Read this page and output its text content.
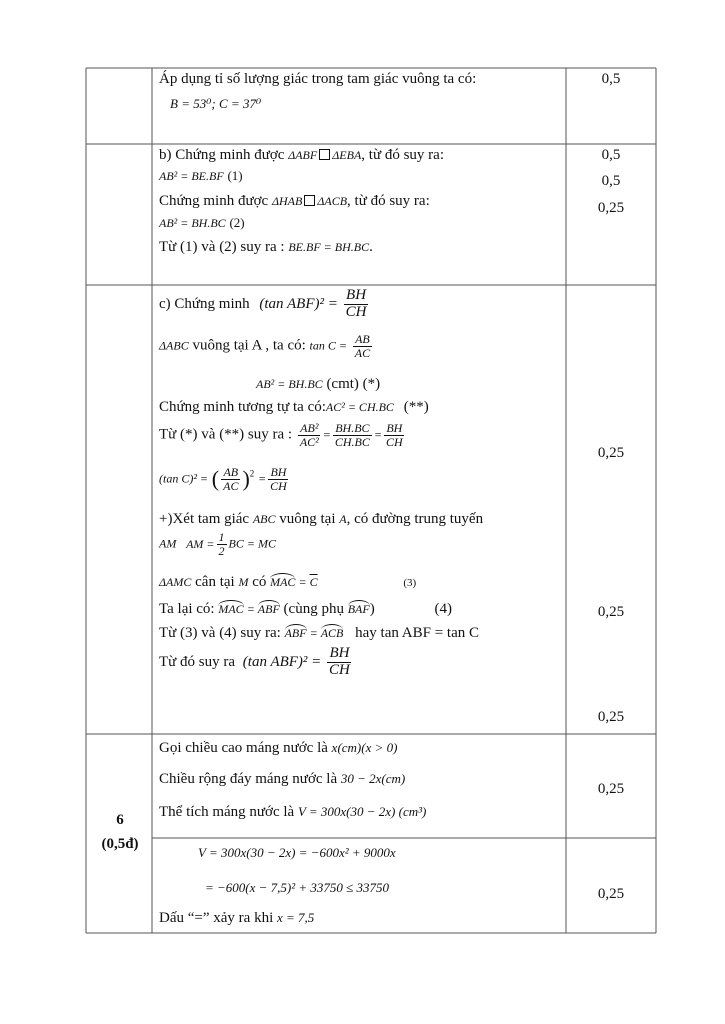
Áp dụng tỉ số lượng giác trong tam giác vuông ta có:
B = 53⁰; C = 37⁰
0,5
b) Chứng minh được ΔABF ΔEBA, từ đó suy ra:
AB² = BE.BF (1)
Chứng minh được ΔHAB ΔACB, từ đó suy ra:
AB² = BH.BC (2)
Từ (1) và (2) suy ra : BE.BF = BH.BC.
0,5
0,5
0,25
c) Chứng minh (tan $ABF)^2 = \frac{BH}{CH}$
ΔABC vuông tại A , ta có: $\tan C = \frac{AB}{AC}$
AB² = BH.BC (cmt) (*)
Chứng minh tương tự ta có:AC² = CH.BC (**)
Từ (*) và (**) suy ra : $\frac{\text{AB²}}{\text{AC²}} = \frac{BH.BC}{CH.BC} = \frac{BH}{CH}$
(tan C)² = ( $\frac{AB}{AC} )^2 = \frac{BH}{CH}$
+)Xét tam giác ABC vuông tại A, có đường trung tuyến
AM AM = $\frac{1}{2}$ BC = MC
ΔAMC cân tại M có MAC = $\overline{C}$	(3)
Ta lại có: MAC = ABF (cùng phụ BAF)	(4)
Từ (3) và (4) suy ra: ABF = ACB hay tan ABF = tan C
Từ đó suy ra (tan $ABF)^2 = \frac{BH}{CH}$
0,25
0,25
0,25
6
(0,5đ)
Gọi chiều cao máng nước là x(cm)(x > 0)
Chiều rộng đáy máng nước là 30 − 2x(cm)
Thể tích máng nước là V = 300x(30 − 2x) (cm³)
0,25
V = 300x(30 − 2x) = −600x² + 9000x
= −600(x − 7,5)² + 33750 ≤ 33750
Dấu “=” xảy ra khi x = 7,5
0,25
